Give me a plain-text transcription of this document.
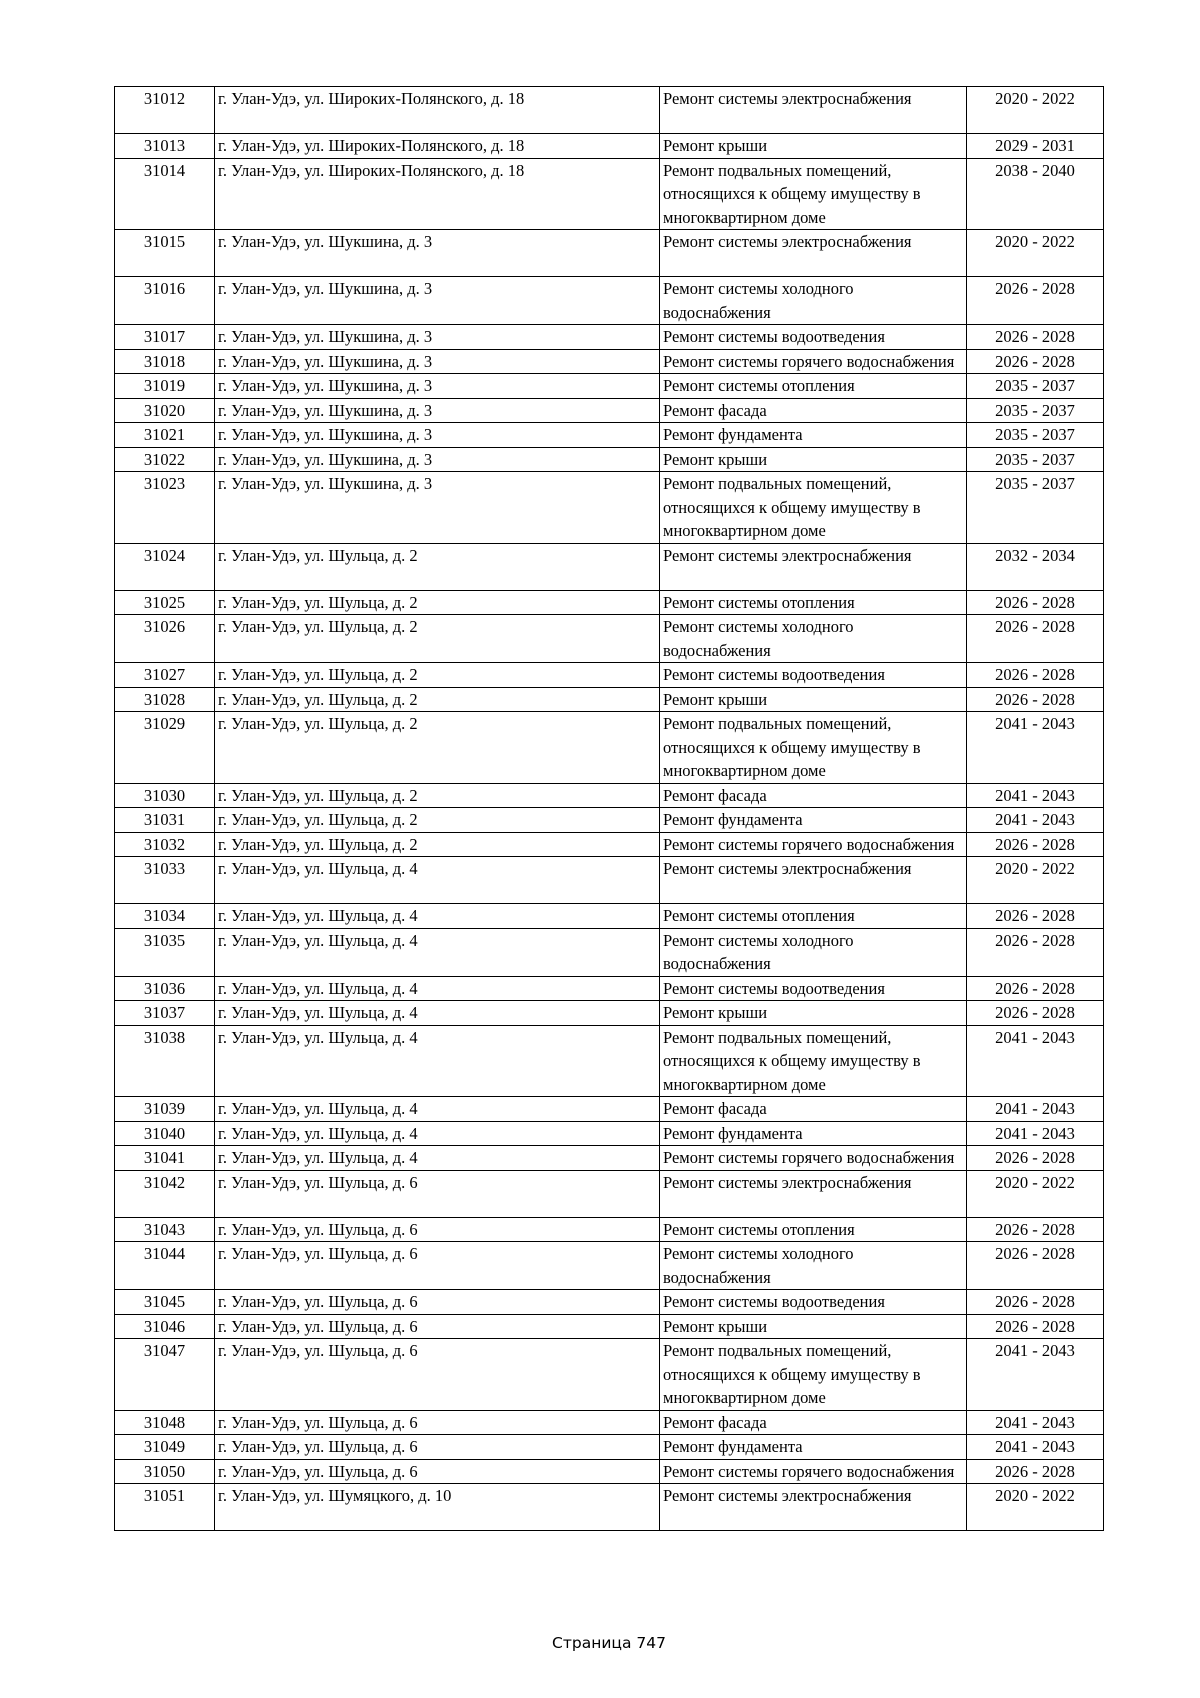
31012	г. Улан-Удэ, ул. Широких-Полянского, д. 18	Ремонт системы электроснабжения	2020 - 2022
31013	г. Улан-Удэ, ул. Широких-Полянского, д. 18	Ремонт крыши	2029 - 2031
31014	г. Улан-Удэ, ул. Широких-Полянского, д. 18	Ремонт подвальных помещений, относящихся к общему имуществу в многоквартирном доме	2038 - 2040
31015	г. Улан-Удэ, ул. Шукшина, д. 3	Ремонт системы электроснабжения	2020 - 2022
31016	г. Улан-Удэ, ул. Шукшина, д. 3	Ремонт системы холодного водоснабжения	2026 - 2028
31017	г. Улан-Удэ, ул. Шукшина, д. 3	Ремонт системы водоотведения	2026 - 2028
31018	г. Улан-Удэ, ул. Шукшина, д. 3	Ремонт системы горячего водоснабжения	2026 - 2028
31019	г. Улан-Удэ, ул. Шукшина, д. 3	Ремонт системы отопления	2035 - 2037
31020	г. Улан-Удэ, ул. Шукшина, д. 3	Ремонт фасада	2035 - 2037
31021	г. Улан-Удэ, ул. Шукшина, д. 3	Ремонт фундамента	2035 - 2037
31022	г. Улан-Удэ, ул. Шукшина, д. 3	Ремонт крыши	2035 - 2037
31023	г. Улан-Удэ, ул. Шукшина, д. 3	Ремонт подвальных помещений, относящихся к общему имуществу в многоквартирном доме	2035 - 2037
31024	г. Улан-Удэ, ул. Шульца, д. 2	Ремонт системы электроснабжения	2032 - 2034
31025	г. Улан-Удэ, ул. Шульца, д. 2	Ремонт системы отопления	2026 - 2028
31026	г. Улан-Удэ, ул. Шульца, д. 2	Ремонт системы холодного водоснабжения	2026 - 2028
31027	г. Улан-Удэ, ул. Шульца, д. 2	Ремонт системы водоотведения	2026 - 2028
31028	г. Улан-Удэ, ул. Шульца, д. 2	Ремонт крыши	2026 - 2028
31029	г. Улан-Удэ, ул. Шульца, д. 2	Ремонт подвальных помещений, относящихся к общему имуществу в многоквартирном доме	2041 - 2043
31030	г. Улан-Удэ, ул. Шульца, д. 2	Ремонт фасада	2041 - 2043
31031	г. Улан-Удэ, ул. Шульца, д. 2	Ремонт фундамента	2041 - 2043
31032	г. Улан-Удэ, ул. Шульца, д. 2	Ремонт системы горячего водоснабжения	2026 - 2028
31033	г. Улан-Удэ, ул. Шульца, д. 4	Ремонт системы электроснабжения	2020 - 2022
31034	г. Улан-Удэ, ул. Шульца, д. 4	Ремонт системы отопления	2026 - 2028
31035	г. Улан-Удэ, ул. Шульца, д. 4	Ремонт системы холодного водоснабжения	2026 - 2028
31036	г. Улан-Удэ, ул. Шульца, д. 4	Ремонт системы водоотведения	2026 - 2028
31037	г. Улан-Удэ, ул. Шульца, д. 4	Ремонт крыши	2026 - 2028
31038	г. Улан-Удэ, ул. Шульца, д. 4	Ремонт подвальных помещений, относящихся к общему имуществу в многоквартирном доме	2041 - 2043
31039	г. Улан-Удэ, ул. Шульца, д. 4	Ремонт фасада	2041 - 2043
31040	г. Улан-Удэ, ул. Шульца, д. 4	Ремонт фундамента	2041 - 2043
31041	г. Улан-Удэ, ул. Шульца, д. 4	Ремонт системы горячего водоснабжения	2026 - 2028
31042	г. Улан-Удэ, ул. Шульца, д. 6	Ремонт системы электроснабжения	2020 - 2022
31043	г. Улан-Удэ, ул. Шульца, д. 6	Ремонт системы отопления	2026 - 2028
31044	г. Улан-Удэ, ул. Шульца, д. 6	Ремонт системы холодного водоснабжения	2026 - 2028
31045	г. Улан-Удэ, ул. Шульца, д. 6	Ремонт системы водоотведения	2026 - 2028
31046	г. Улан-Удэ, ул. Шульца, д. 6	Ремонт крыши	2026 - 2028
31047	г. Улан-Удэ, ул. Шульца, д. 6	Ремонт подвальных помещений, относящихся к общему имуществу в многоквартирном доме	2041 - 2043
31048	г. Улан-Удэ, ул. Шульца, д. 6	Ремонт фасада	2041 - 2043
31049	г. Улан-Удэ, ул. Шульца, д. 6	Ремонт фундамента	2041 - 2043
31050	г. Улан-Удэ, ул. Шульца, д. 6	Ремонт системы горячего водоснабжения	2026 - 2028
31051	г. Улан-Удэ, ул. Шумяцкого, д. 10	Ремонт системы электроснабжения	2020 - 2022
Страница 747
